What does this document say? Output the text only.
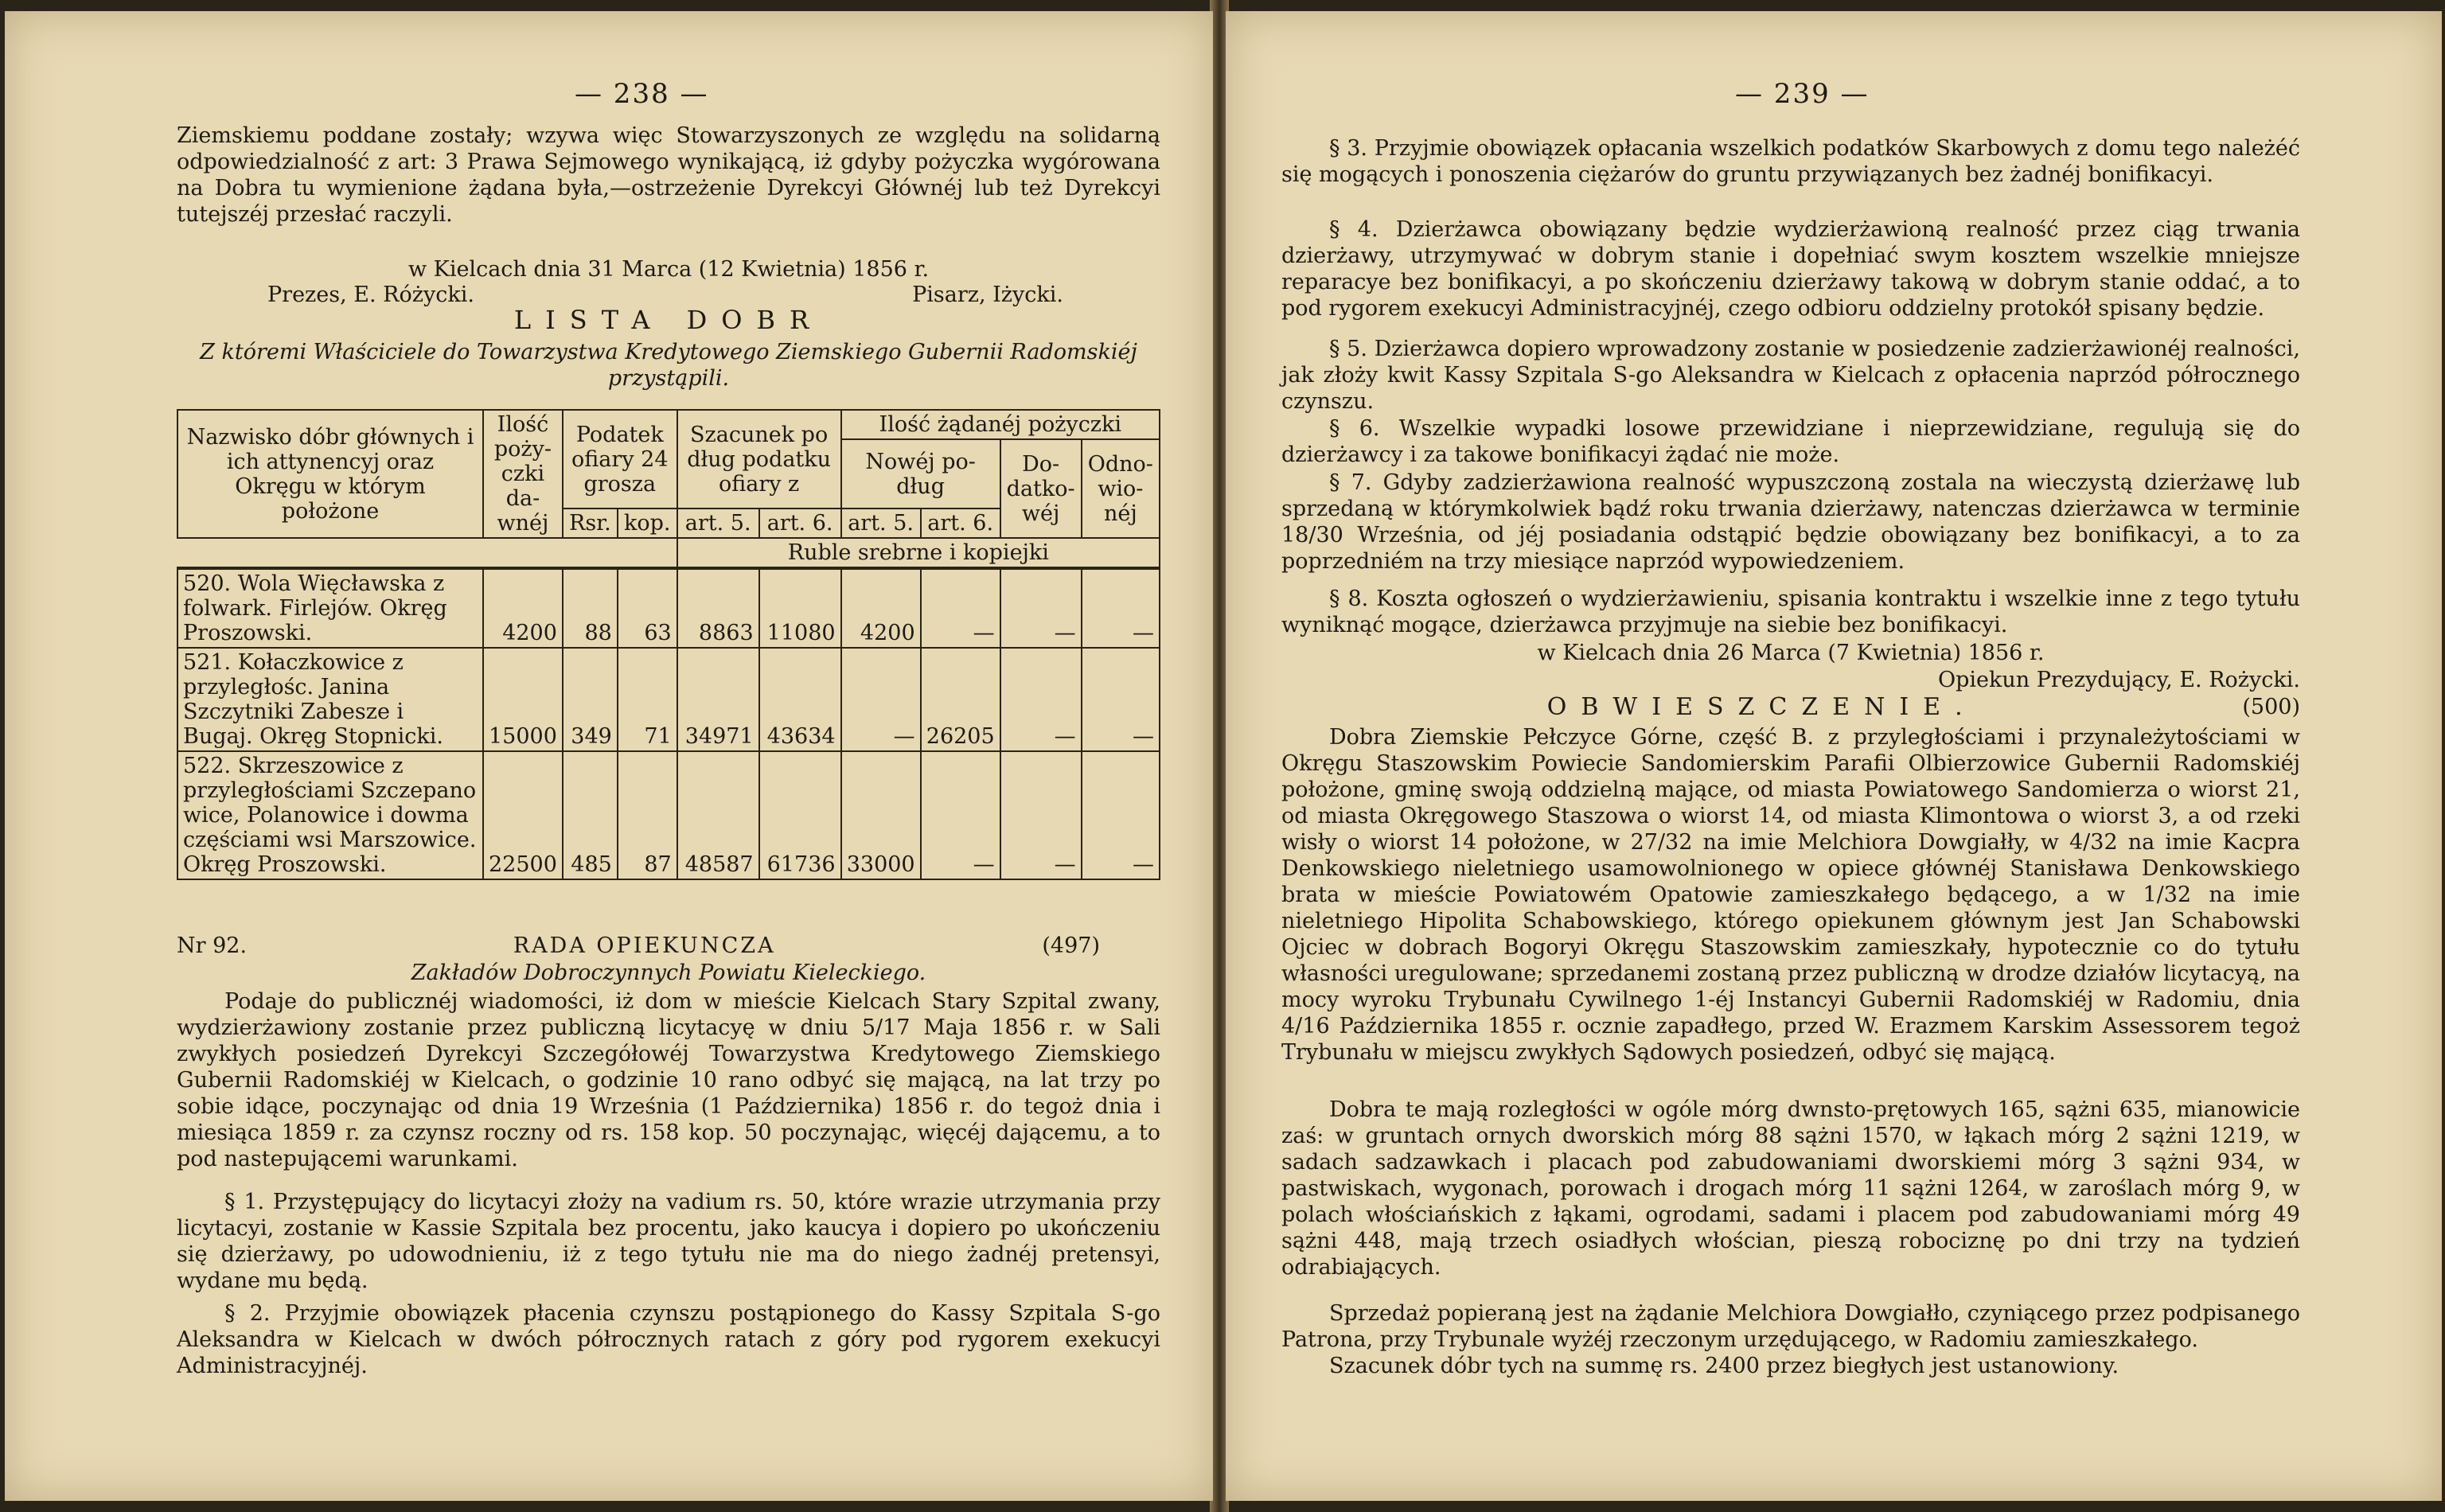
— 238 —
Ziemskiemu poddane zostały; wzywa więc Stowarzyszonych ze względu na solidarną odpowiedzialność z art: 3 Prawa Sejmowego wynikającą, iż gdyby pożyczka wygórowana na Dobra tu wymienione żądana była,—ostrzeżenie Dyrekcyi Głównéj lub też Dyrekcyi tutejszéj przesłać raczyli.
w Kielcach dnia 31 Marca (12 Kwietnia) 1856 r.
Prezes, E. Różycki.	Pisarz, Iżycki.
LISTA DOBR
Z któremi Właściciele do Towarzystwa Kredytowego Ziemskiego Gubernii Radomskiéj przystąpili.
Nazwisko dóbr głównych i ich attynencyj oraz Okręgu w którym położone	Ilość poży-czki da-wnéj	Podatek ofiary 24 grosza		Szacunek po dług podatku ofiary z		Ilość żądanéj pożyczki			
						Nowéj po-dług		Do-datko-wéj	Odno-wio-néj
		Rsr.	kop.	art. 5.	art. 6.	art. 5.	art. 6.		
				Ruble srebrne i kopiejki					
520. Wola Więcławska z folwark. Firlejów. Okręg Proszowski.	4200	88	63	8863	11080	4200	—	—	—
521. Kołaczkowice z przyległośc. Janina Szczytniki Zabesze i Bugaj. Okręg Stopnicki.	15000	349	71	34971	43634	—	26205	—	—
522. Skrzeszowice z przyległościami Szczepano wice, Polanowice i dowma częściami wsi Marszowice. Okręg Proszowski.	22500	485	87	48587	61736	33000	—	—	—
Nr 92.	RADA OPIEKUNCZA	(497)
Zakładów Dobroczynnych Powiatu Kieleckiego.
Podaje do publicznéj wiadomości, iż dom w mieście Kielcach Stary Szpital zwany, wydzierżawiony zostanie przez publiczną licytacyę w dniu 5/17 Maja 1856 r. w Sali zwykłych posiedzeń Dyrekcyi Szczegółowéj Towarzystwa Kredytowego Ziemskiego Gubernii Radomskiéj w Kielcach, o godzinie 10 rano odbyć się mającą, na lat trzy po sobie idące, poczynając od dnia 19 Września (1 Października) 1856 r. do tegoż dnia i miesiąca 1859 r. za czynsz roczny od rs. 158 kop. 50 poczynając, więcéj dającemu, a to pod nastepującemi warunkami.
§ 1. Przystępujący do licytacyi złoży na vadium rs. 50, które wrazie utrzymania przy licytacyi, zostanie w Kassie Szpitala bez procentu, jako kaucya i dopiero po ukończeniu się dzierżawy, po udowodnieniu, iż z tego tytułu nie ma do niego żadnéj pretensyi, wydane mu będą.
§ 2. Przyjmie obowiązek płacenia czynszu postąpionego do Kassy Szpitala S-go Aleksandra w Kielcach w dwóch półrocznych ratach z góry pod rygorem exekucyi Administracyjnéj.
— 239 —
§ 3. Przyjmie obowiązek opłacania wszelkich podatków Skarbowych z domu tego należéć się mogących i ponoszenia ciężarów do gruntu przywiązanych bez żadnéj bonifikacyi.
§ 4. Dzierżawca obowiązany będzie wydzierżawioną realność przez ciąg trwania dzierżawy, utrzymywać w dobrym stanie i dopełniać swym kosztem wszelkie mniejsze reparacye bez bonifikacyi, a po skończeniu dzierżawy takową w dobrym stanie oddać, a to pod rygorem exekucyi Administracyjnéj, czego odbioru oddzielny protokół spisany będzie.
§ 5. Dzierżawca dopiero wprowadzony zostanie w posiedzenie zadzierżawionéj realności, jak złoży kwit Kassy Szpitala S-go Aleksandra w Kielcach z opłacenia naprzód półrocznego czynszu.
§ 6. Wszelkie wypadki losowe przewidziane i nieprzewidziane, regulują się do dzierżawcy i za takowe bonifikacyi żądać nie może.
§ 7. Gdyby zadzierżawiona realność wypuszczoną zostala na wieczystą dzierżawę lub sprzedaną w którymkolwiek bądź roku trwania dzierżawy, natenczas dzierżawca w terminie 18/30 Września, od jéj posiadania odstąpić będzie obowiązany bez bonifikacyi, a to za poprzedniém na trzy miesiące naprzód wypowiedzeniem.
§ 8. Koszta ogłoszeń o wydzierżawieniu, spisania kontraktu i wszelkie inne z tego tytułu wyniknąć mogące, dzierżawca przyjmuje na siebie bez bonifikacyi.
w Kielcach dnia 26 Marca (7 Kwietnia) 1856 r.
Opiekun Prezydujący, E. Rożycki.
OBWIESZCZENIE.	(500)
Dobra Ziemskie Pełczyce Górne, część B. z przyległościami i przynależytościami w Okręgu Staszowskim Powiecie Sandomierskim Parafii Olbierzowice Gubernii Radomskiéj położone, gminę swoją oddzielną mające, od miasta Powiatowego Sandomierza o wiorst 21, od miasta Okręgowego Staszowa o wiorst 14, od miasta Klimontowa o wiorst 3, a od rzeki wisły o wiorst 14 położone, w 27/32 na imie Melchiora Dowgiałły, w 4/32 na imie Kacpra Denkowskiego nieletniego usamowolnionego w opiece głównéj Stanisława Denkowskiego brata w mieście Powiatowém Opatowie zamieszkałego będącego, a w 1/32 na imie nieletniego Hipolita Schabowskiego, którego opiekunem głównym jest Jan Schabowski Ojciec w dobrach Bogoryi Okręgu Staszowskim zamieszkały, hypotecznie co do tytułu własności uregulowane; sprzedanemi zostaną przez publiczną w drodze działów licytacyą, na mocy wyroku Trybunału Cywilnego 1-éj Instancyi Gubernii Radomskiéj w Radomiu, dnia 4/16 Października 1855 r. ocznie zapadłego, przed W. Erazmem Karskim Assessorem tegoż Trybunału w miejscu zwykłych Sądowych posiedzeń, odbyć się mającą.
Dobra te mają rozległości w ogóle mórg dwnsto-prętowych 165, sążni 635, mianowicie zaś: w gruntach ornych dworskich mórg 88 sążni 1570, w łąkach mórg 2 sążni 1219, w sadach sadzawkach i placach pod zabudowaniami dworskiemi mórg 3 sążni 934, w pastwiskach, wygonach, porowach i drogach mórg 11 sążni 1264, w zaroślach mórg 9, w polach włościańskich z łąkami, ogrodami, sadami i placem pod zabudowaniami mórg 49 sążni 448, mają trzech osiadłych włościan, pieszą robociznę po dni trzy na tydzień odrabiających.
Sprzedaż popieraną jest na żądanie Melchiora Dowgiałło, czyniącego przez podpisanego Patrona, przy Trybunale wyżéj rzeczonym urzędującego, w Radomiu zamieszkałego.
Szacunek dóbr tych na summę rs. 2400 przez biegłych jest ustanowiony.
